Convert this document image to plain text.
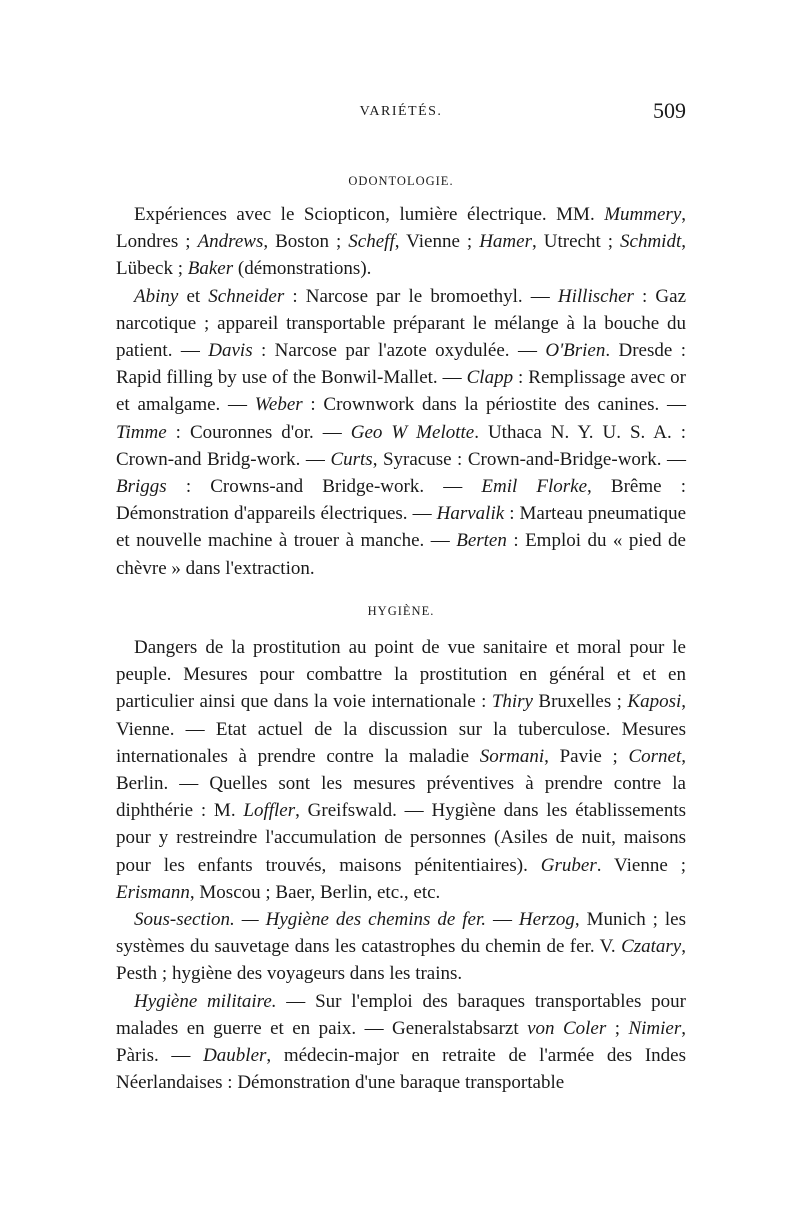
VARIÉTÉS.	509
ODONTOLOGIE.

Expériences avec le Sciopticon, lumière électrique. MM. Mummery, Londres ; Andrews, Boston ; Scheff, Vienne ; Hamer, Utrecht ; Schmidt, Lübeck ; Baker (démonstrations).

Abiny et Schneider : Narcose par le bromoethyl. — Hillischer : Gaz narcotique ; appareil transportable préparant le mélange à la bouche du patient. — Davis : Narcose par l'azote oxydulée. — O'Brien. Dresde : Rapid filling by use of the Bonwil-Mallet. — Clapp : Remplissage avec or et amalgame. — Weber : Crownwork dans la périostite des canines. — Timme : Couronnes d'or. — Geo W Melotte. Uthaca N. Y. U. S. A. : Crown-and Bridg-work. — Curts, Syracuse : Crown-and-Bridge-work. — Briggs : Crowns-and Bridge-work. — Emil Florke, Brême : Démonstration d'appareils électriques. — Harvalik : Marteau pneumatique et nouvelle machine à trouer à manche. — Berten : Emploi du « pied de chèvre » dans l'extraction.

HYGIÈNE.

Dangers de la prostitution au point de vue sanitaire et moral pour le peuple. Mesures pour combattre la prostitution en général et et en particulier ainsi que dans la voie internationale : Thiry Bruxelles ; Kaposi, Vienne. — Etat actuel de la discussion sur la tuberculose. Mesures internationales à prendre contre la maladie Sormani, Pavie ; Cornet, Berlin. — Quelles sont les mesures préventives à prendre contre la diphthérie : M. Loffler, Greifswald. — Hygiène dans les établissements pour y restreindre l'accumulation de personnes (Asiles de nuit, maisons pour les enfants trouvés, maisons pénitentiaires). Gruber. Vienne ; Erismann, Moscou ; Baer, Berlin, etc., etc.

Sous-section. — Hygiène des chemins de fer. — Herzog, Munich ; les systèmes du sauvetage dans les catastrophes du chemin de fer. V. Czatary, Pesth ; hygiène des voyageurs dans les trains.

Hygiène militaire. — Sur l'emploi des baraques transportables pour malades en guerre et en paix. — Generalstabsarzt von Coler ; Nimier, Pàris. — Daubler, médecin-major en retraite de l'armée des Indes Néerlandaises : Démonstration d'une baraque transportable
